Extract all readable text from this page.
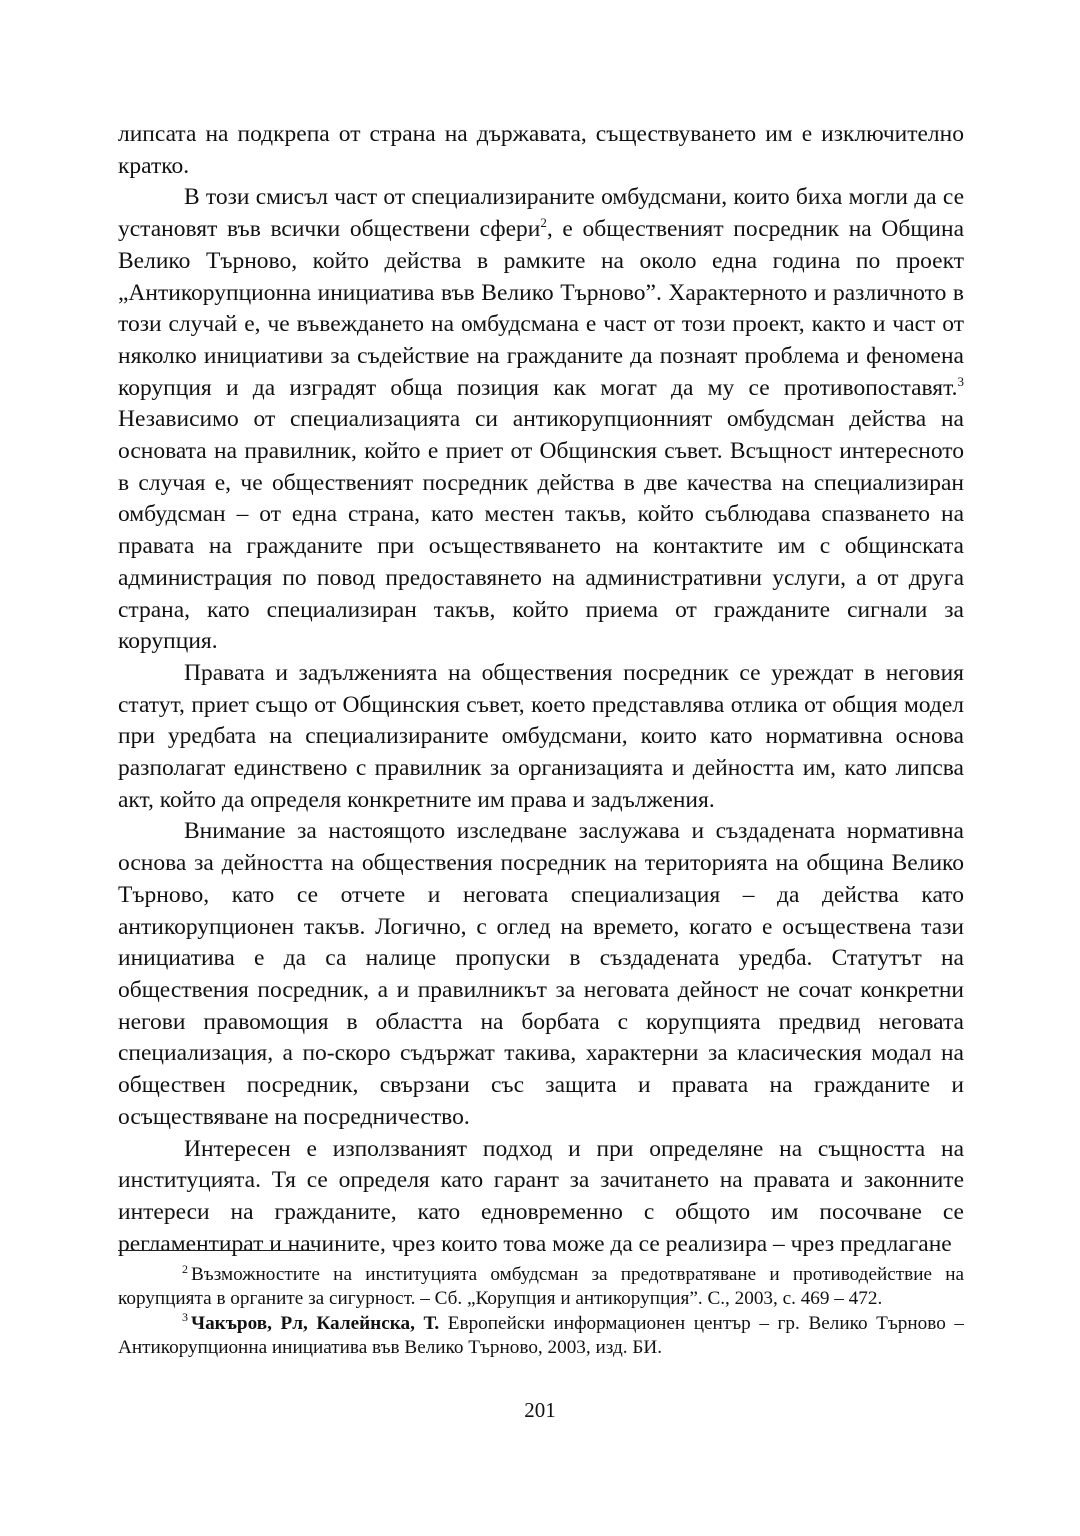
липсата на подкрепа от страна на държавата, съществуването им е изключително кратко.

В този смисъл част от специализираните омбудсмани, които биха могли да се установят във всички обществени сфери$^2$, е общественият посредник на Община Велико Търново, който действа в рамките на около една година по проект „Антикорупционна инициатива във Велико Търново”. Характерното и различното в този случай е, че въвеждането на омбудсмана е част от този проект, както и част от няколко инициативи за съдействие на гражданите да познаят проблема и феномена корупция и да изградят обща позиция как могат да му се противопоставят.$^3$ Независимо от специализацията си антикорупционният омбудсман действа на основата на правилник, който е приет от Общинския съвет. Всъщност интересното в случая е, че общественият посредник действа в две качества на специализиран омбудсман – от една страна, като местен такъв, който съблюдава спазването на правата на гражданите при осъществяването на контактите им с общинската администрация по повод предоставянето на административни услуги, а от друга страна, като специализиран такъв, който приема от гражданите сигнали за корупция.

Правата и задълженията на обществения посредник се уреждат в неговия статут, приет също от Общинския съвет, което представлява отлика от общия модел при уредбата на специализираните омбудсмани, които като нормативна основа разполагат единствено с правилник за организацията и дейността им, като липсва акт, който да определя конкретните им права и задължения.

Внимание за настоящото изследване заслужава и създадената нормативна основа за дейността на обществения посредник на територията на община Велико Търново, като се отчете и неговата специализация – да действа като антикорупционен такъв. Логично, с оглед на времето, когато е осъществена тази инициатива е да са налице пропуски в създадената уредба. Статутът на обществения посредник, а и правилникът за неговата дейност не сочат конкретни негови правомощия в областта на борбата с корупцията предвид неговата специализация, а по-скоро съдържат такива, характерни за класическия модал на обществен посредник, свързани със защита и правата на гражданите и осъществяване на посредничество.

Интересен е използваният подход и при определяне на същността на институцията. Тя се определя като гарант за зачитането на правата и законните интереси на гражданите, като едновременно с общото им посочване се регламентират и начините, чрез които това може да се реализира – чрез предлагане

$^2$ Възможностите на институцията омбудсман за предотвратяване и противодействие на корупцията в органите за сигурност. – Сб. „Корупция и антикорупция”. С., 2003, с. 469 – 472.

$^3$ Чакъров, Рл, Калейнска, Т. Европейски информационен център – гр. Велико Търново – Антикорупционна инициатива във Велико Търново, 2003, изд. БИ.

201
